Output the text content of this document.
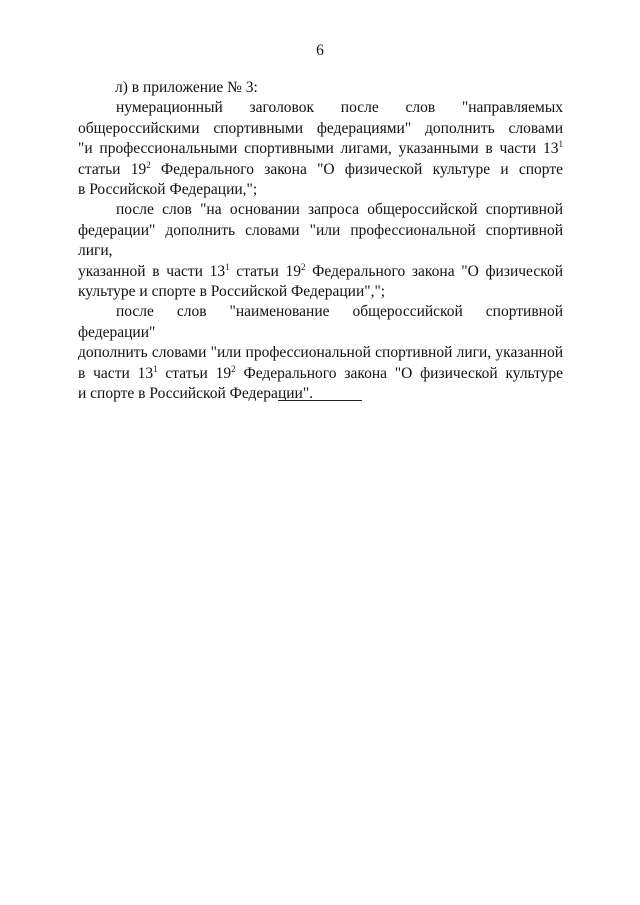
6

л) в приложение № 3:

нумерационный заголовок после слов "направляемых
общероссийскими спортивными федерациями" дополнить словами
"и профессиональными спортивными лигами, указанными в части $13^1$
статьи $19^2$ Федерального закона "О физической культуре и спорте
в Российской Федерации,";
после слов "на основании запроса общероссийской спортивной
федерации" дополнить словами "или профессиональной спортивной лиги,
указанной в части $13^1$ статьи $19^2$ Федерального закона "О физической
культуре и спорте в Российской Федерации",";
после слов "наименование общероссийской спортивной федерации"
дополнить словами "или профессиональной спортивной лиги, указанной
в части $13^1$ статьи $19^2$ Федерального закона "О физической культуре
и спорте в Российской Федерации".
